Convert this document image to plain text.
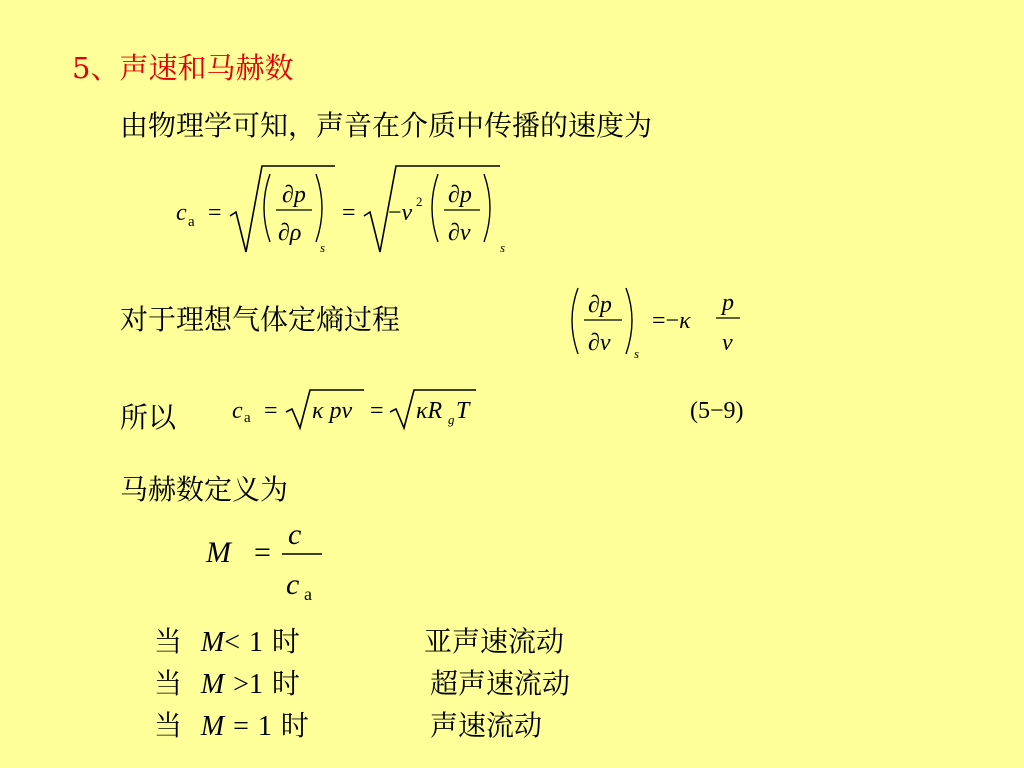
5、声速和马赫数
由物理学可知，声音在介质中传播的速度为
c a =
∂p
∂ρ
s
= −v 2 ∂p
∂v
s
对于理想气体定熵过程	∂p
∂v s
=−κ
p
v
所以 c a = κ pv = κR g T	(5−9)
马赫数定义为
M =
c
c a
当 M< 1 时	亚声速流动
当 M >1 时	超声速流动
当 M = 1 时	声速流动
